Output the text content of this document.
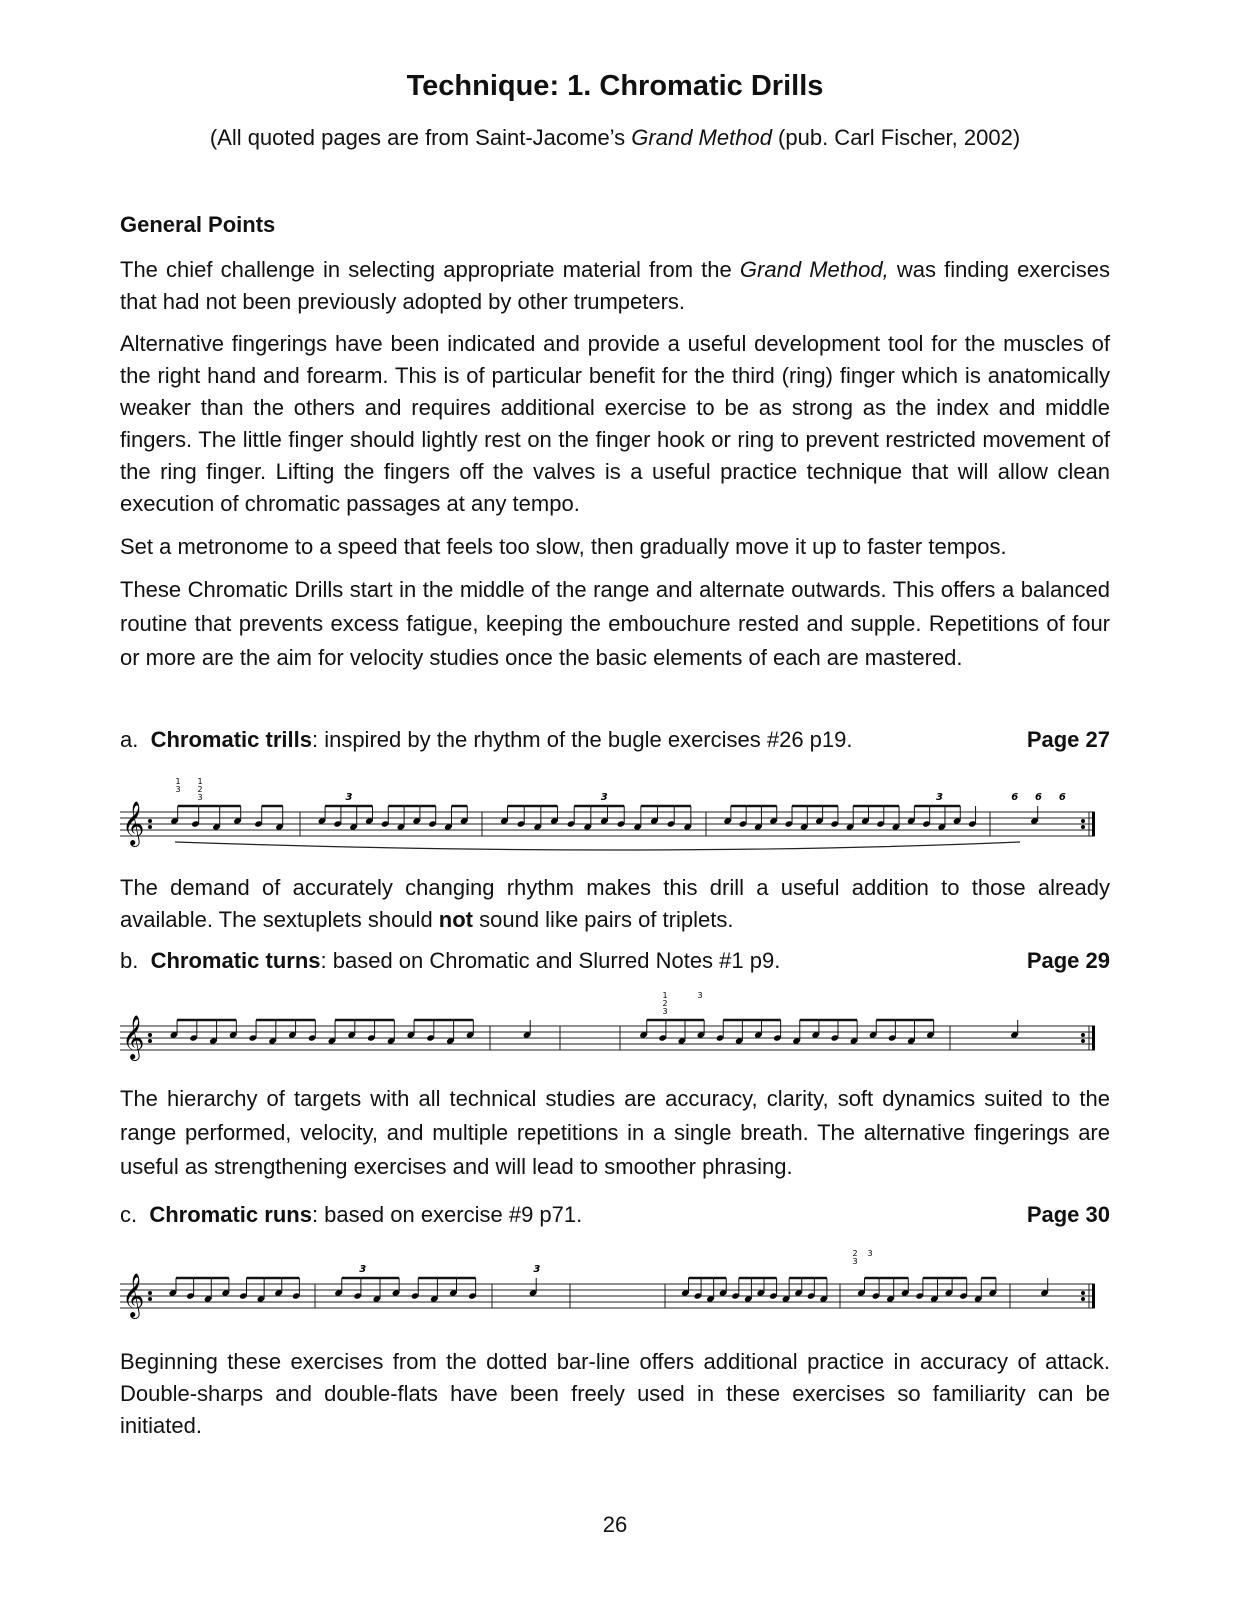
Technique: 1. Chromatic Drills
(All quoted pages are from Saint-Jacome’s Grand Method (pub. Carl Fischer, 2002)
General Points

The chief challenge in selecting appropriate material from the Grand Method, was finding exercises that had not been previously adopted by other trumpeters.

Alternative fingerings have been indicated and provide a useful development tool for the muscles of the right hand and forearm. This is of particular benefit for the third (ring) finger which is anatomically weaker than the others and requires additional exercise to be as strong as the index and middle fingers. The little finger should lightly rest on the finger hook or ring to prevent restricted movement of the ring finger. Lifting the fingers off the valves is a useful practice technique that will allow clean execution of chromatic passages at any tempo.

Set a metronome to a speed that feels too slow, then gradually move it up to faster tempos.

These Chromatic Drills start in the middle of the range and alternate outwards. This offers a balanced routine that prevents excess fatigue, keeping the embouchure rested and supple. Repetitions of four or more are the aim for velocity studies once the basic elements of each are mastered.

a. Chromatic trills: inspired by the rhythm of the bugle exercises #26 p19.	Page 27
𝄞
3	3	3	6 6 6
1
3
1
2
3

The demand of accurately changing rhythm makes this drill a useful addition to those already available. The sextuplets should not sound like pairs of triplets.

b. Chromatic turns: based on Chromatic and Slurred Notes #1 p9.	Page 29
𝄞
1
2
3
3

The hierarchy of targets with all technical studies are accuracy, clarity, soft dynamics suited to the range performed, velocity, and multiple repetitions in a single breath. The alternative fingerings are useful as strengthening exercises and will lead to smoother phrasing.

c. Chromatic runs: based on exercise #9 p71.	Page 30
𝄞
3	3
2
3
3

Beginning these exercises from the dotted bar-line offers additional practice in accuracy of attack. Double-sharps and double-flats have been freely used in these exercises so familiarity can be initiated.

26
